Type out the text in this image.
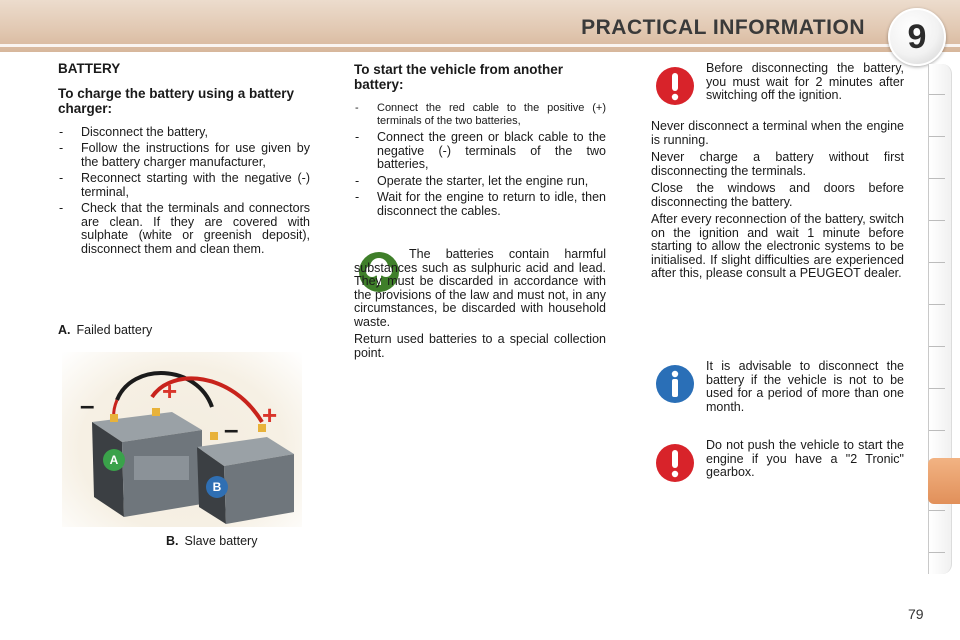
PRACTICAL INFORMATION	9
BATTERY
To charge the battery using a battery charger:
- Disconnect the battery,
- Follow the instructions for use given by the battery charger manufacturer,
- Reconnect starting with the negative (-) terminal,
- Check that the terminals and connectors are clean. If they are covered with sulphate (white or greenish deposit), disconnect them and clean them.
A. Failed battery
A
B
–	+
– +
B. Slave battery
To start the vehicle from another battery:
- Connect the red cable to the positive (+) terminals of the two batteries,
- Connect the green or black cable to the negative (-) terminals of the two batteries,
- Operate the starter, let the engine run,
- Wait for the engine to return to idle, then disconnect the cables.

The batteries contain harmful substances such as sulphuric acid and lead. They must be discarded in accordance with the provisions of the law and must not, in any circumstances, be discarded with household waste.

Return used batteries to a special collection point.

Before disconnecting the battery, you must wait for 2 minutes after switching off the ignition.

Never disconnect a terminal when the engine is running.

Never charge a battery without first disconnecting the terminals.

Close the windows and doors before disconnecting the battery.

After every reconnection of the battery, switch on the ignition and wait 1 minute before starting to allow the electronic systems to be initialised. If slight difficulties are experienced after this, please consult a PEUGEOT dealer.

It is advisable to disconnect the battery if the vehicle is not to be used for a period of more than one month.

Do not push the vehicle to start the engine if you have a "2 Tronic" gearbox.

79
